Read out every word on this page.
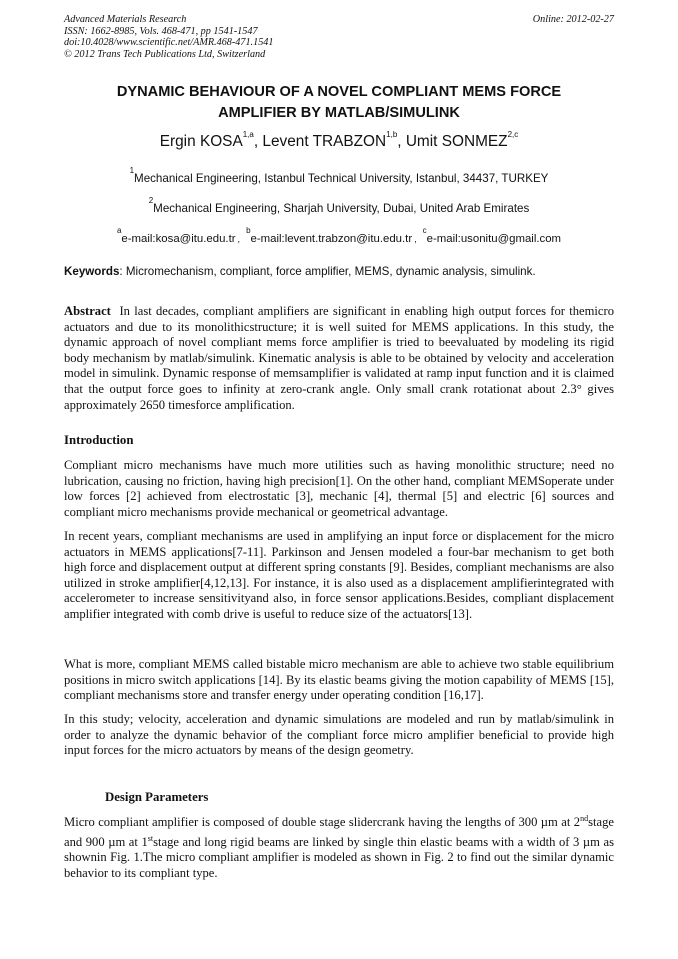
Advanced Materials Research
ISSN: 1662-8985, Vols. 468-471, pp 1541-1547
doi:10.4028/www.scientific.net/AMR.468-471.1541
© 2012 Trans Tech Publications Ltd, Switzerland
Online: 2012-02-27
DYNAMIC BEHAVIOUR OF A NOVEL COMPLIANT MEMS FORCE
AMPLIFIER BY MATLAB/SIMULINK
Ergin KOSA$^{1,a}$, Levent TRABZON$^{1,b}$, Umit SONMEZ$^{2,c}$
$^1$Mechanical Engineering, Istanbul Technical University, Istanbul, 34437, TURKEY
$^2$Mechanical Engineering, Sharjah University, Dubai, United Arab Emirates
$^a$e-mail:kosa@itu.edu.tr ,$^b$e-mail:levent.trabzon@itu.edu.tr ,$^c$e-mail:usonitu@gmail.com
Keywords: Micromechanism, compliant, force amplifier, MEMS, dynamic analysis, simulink.
Abstract In last decades, compliant amplifiers are significant in enabling high output forces for themicro actuators and due to its monolithicstructure; it is well suited for MEMS applications. In this study, the dynamic approach of novel compliant mems force amplifier is tried to beevaluated by modeling its rigid body mechanism by matlab/simulink. Kinematic analysis is able to be obtained by velocity and acceleration model in simulink. Dynamic response of memsamplifier is validated at ramp input function and it is claimed that the output force goes to infinity at zero-crank angle. Only small crank rotationat about 2.3° gives approximately 2650 timesforce amplification.
Introduction
Compliant micro mechanisms have much more utilities such as having monolithic structure; need no lubrication, causing no friction, having high precision[1]. On the other hand, compliant MEMSoperate under low forces [2] achieved from electrostatic [3], mechanic [4], thermal [5] and electric [6] sources and compliant micro mechanisms provide mechanical or geometrical advantage.
In recent years, compliant mechanisms are used in amplifying an input force or displacement for the micro actuators in MEMS applications[7-11]. Parkinson and Jensen modeled a four-bar mechanism to get both high force and displacement output at different spring constants [9]. Besides, compliant mechanisms are also utilized in stroke amplifier[4,12,13]. For instance, it is also used as a displacement amplifierintegrated with accelerometer to increase sensitivityand also, in force sensor applications.Besides, compliant displacement amplifier integrated with comb drive is useful to reduce size of the actuators[13].
What is more, compliant MEMS called bistable micro mechanism are able to achieve two stable equilibrium positions in micro switch applications [14]. By its elastic beams giving the motion capability of MEMS [15], compliant mechanisms store and transfer energy under operating condition [16,17].
In this study; velocity, acceleration and dynamic simulations are modeled and run by matlab/simulink in order to analyze the dynamic behavior of the compliant force micro amplifier beneficial to provide high input forces for the micro actuators by means of the design geometry.
Design Parameters
Micro compliant amplifier is composed of double stage slidercrank having the lengths of 300 µm at 2ndstage and 900 µm at 1ststage and long rigid beams are linked by single thin elastic beams with a width of 3 µm as shownin Fig. 1.The micro compliant amplifier is modeled as shown in Fig. 2 to find out the similar dynamic behavior to its compliant type.
